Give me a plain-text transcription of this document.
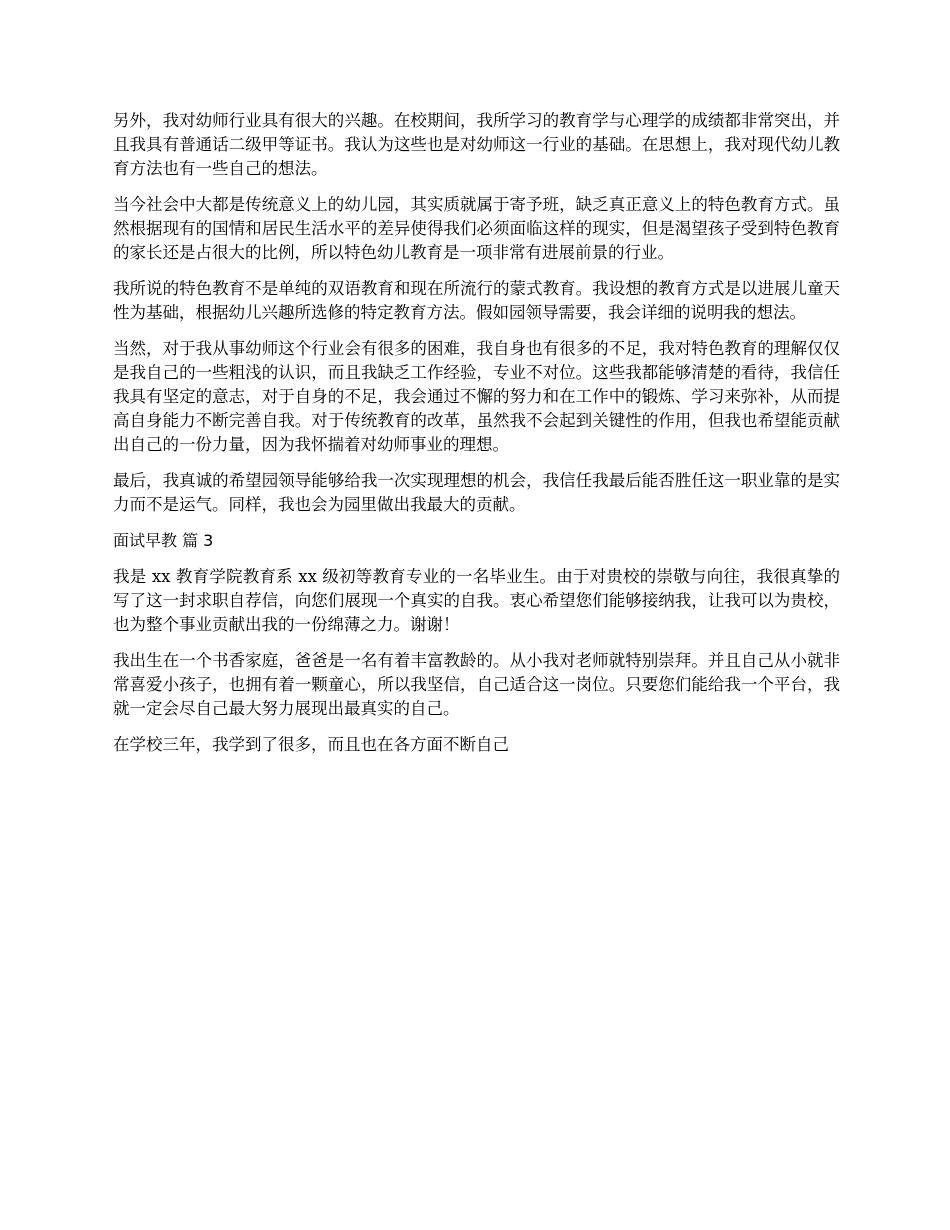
另外，我对幼师行业具有很大的兴趣。在校期间，我所学习的教育学与心理学的成绩都非常突出，并且我具有普通话二级甲等证书。我认为这些也是对幼师这一行业的基础。在思想上，我对现代幼儿教育方法也有一些自己的想法。

当今社会中大都是传统意义上的幼儿园，其实质就属于寄予班，缺乏真正意义上的特色教育方式。虽然根据现有的国情和居民生活水平的差异使得我们必须面临这样的现实，但是渴望孩子受到特色教育的家长还是占很大的比例，所以特色幼儿教育是一项非常有进展前景的行业。

我所说的特色教育不是单纯的双语教育和现在所流行的蒙式教育。我设想的教育方式是以进展儿童天性为基础，根据幼儿兴趣所选修的特定教育方法。假如园领导需要，我会详细的说明我的想法。

当然，对于我从事幼师这个行业会有很多的困难，我自身也有很多的不足，我对特色教育的理解仅仅是我自己的一些粗浅的认识，而且我缺乏工作经验，专业不对位。这些我都能够清楚的看待，我信任我具有坚定的意志，对于自身的不足，我会通过不懈的努力和在工作中的锻炼、学习来弥补，从而提高自身能力不断完善自我。对于传统教育的改革，虽然我不会起到关键性的作用，但我也希望能贡献出自己的一份力量，因为我怀揣着对幼师事业的理想。

最后，我真诚的希望园领导能够给我一次实现理想的机会，我信任我最后能否胜任这一职业靠的是实力而不是运气。同样，我也会为园里做出我最大的贡献。

面试早教 篇 3

我是 xx 教育学院教育系 xx 级初等教育专业的一名毕业生。由于对贵校的崇敬与向往，我很真挚的写了这一封求职自荐信，向您们展现一个真实的自我。衷心希望您们能够接纳我，让我可以为贵校，也为整个事业贡献出我的一份绵薄之力。谢谢！

我出生在一个书香家庭，爸爸是一名有着丰富教龄的。从小我对老师就特别崇拜。并且自己从小就非常喜爱小孩子，也拥有着一颗童心，所以我坚信，自己适合这一岗位。只要您们能给我一个平台，我就一定会尽自己最大努力展现出最真实的自己。

在学校三年，我学到了很多，而且也在各方面不断自己
